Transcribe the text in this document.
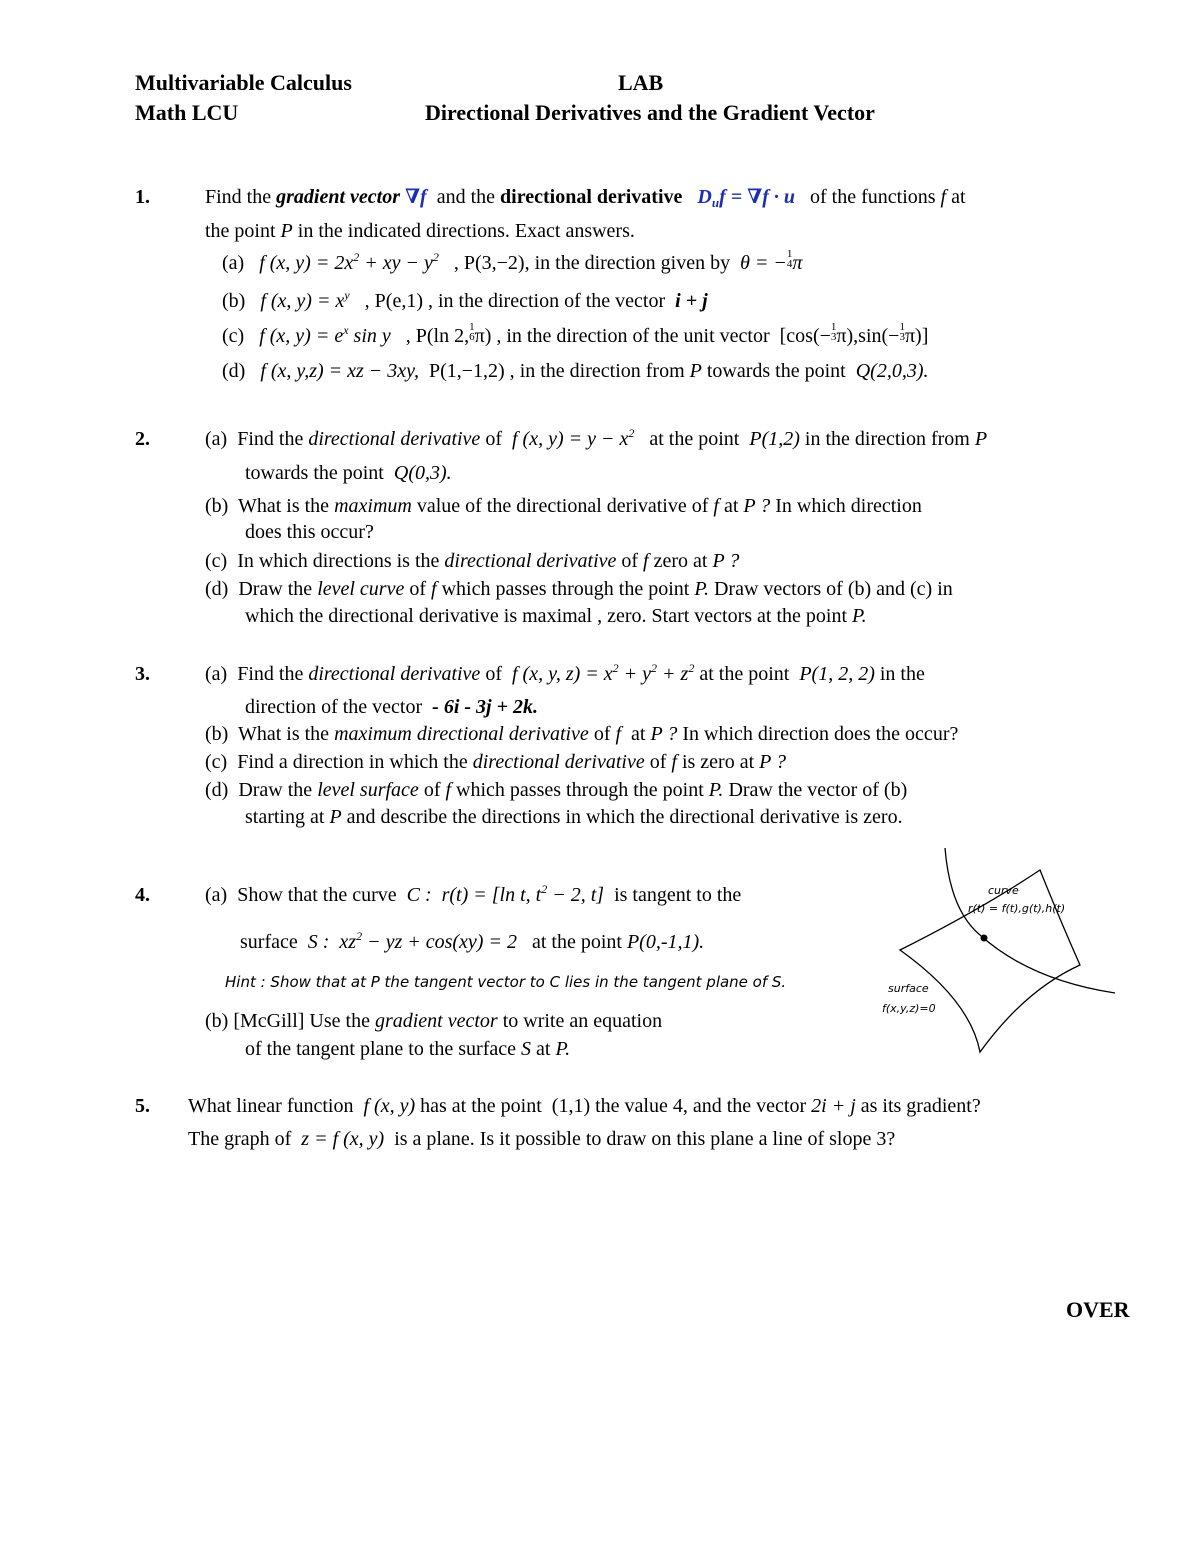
Multivariable Calculus	LAB
Math LCU	Directional Derivatives and the Gradient Vector
1.	Find the gradient vector ∇f and the directional derivative $D_uf = \nabla f \cdot u$ of the functions f at
the point P in the indicated directions. Exact answers.
(a) f (x, $y) = 2x^2$ + xy − $y^2$ , P(3,−2), in the direction given by θ = −1
4π
(b) f (x, $y) = x^y$ , P(e,1) , in the direction of the vector i + j
(c) f (x, $y) = e^x$ sin y , P(ln 2,1
6π) , in the direction of the unit vector [cos(−1
3π),sin(−1
3π)]
(d) f (x, y,z) = xz − 3xy, P(1,−1,2) , in the direction from P towards the point Q(2,0,3).
2.	(a) Find the directional derivative of f (x, $y) = y - x^2$ at the point P(1,2) in the direction from P
towards the point Q(0,3).
(b) What is the maximum value of the directional derivative of f at P ? In which direction
does this occur?
(c) In which directions is the directional derivative of f zero at P ?
(d) Draw the level curve of f which passes through the point P. Draw vectors of (b) and (c) in
which the directional derivative is maximal , zero. Start vectors at the point P.
3.	(a) Find the directional derivative of f (x, y, $z) = x^2 + y^2 + z^2$ at the point P(1, 2, 2) in the
direction of the vector - 6i - 3j + 2k.
(b) What is the maximum directional derivative of f at P ? In which direction does the occur?
(c) Find a direction in which the directional derivative of f is zero at P ?
(d) Draw the level surface of f which passes through the point P. Draw the vector of (b)
starting at P and describe the directions in which the directional derivative is zero.
4.	(a) Show that the curve C : r(t) = [ln t, $t^2 - 2$, t] is tangent to the
surface S : $xz^2$ − yz + cos(xy) = 2 at the point P(0,-1,1).
Hint : Show that at P the tangent vector to C lies in the tangent plane of S.
(b) [McGill] Use the gradient vector to write an equation
of the tangent plane to the surface S at P.
curve
r(t) = f(t),g(t),h(t)
surface
f(x,y,z)=0
5. What linear function f (x, y) has at the point (1,1) the value 4, and the vector 2i + j as its gradient?
The graph of z = f (x, y) is a plane. Is it possible to draw on this plane a line of slope 3?
OVER
